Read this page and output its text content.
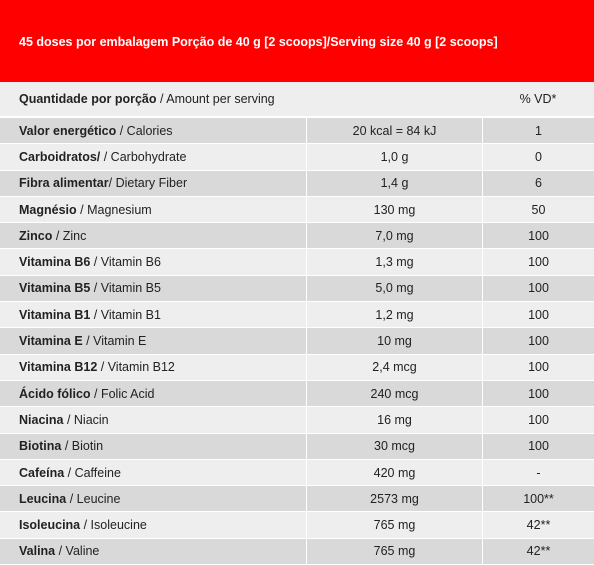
45 doses por embalagem Porção de 40 g [2 scoops]/Serving size 40 g [2 scoops]
Quantidade por porção / Amount per serving	% VD*
Valor energético / Calories	20 kcal = 84 kJ	1
Carboidratos/ / Carbohydrate	1,0 g	0
Fibra alimentar / Dietary Fiber	1,4 g	6
Magnésio / Magnesium	130 mg	50
Zinco / Zinc	7,0 mg	100
Vitamina B6 / Vitamin B6	1,3 mg	100
Vitamina B5 / Vitamin B5	5,0 mg	100
Vitamina B1 / Vitamin B1	1,2 mg	100
Vitamina E / Vitamin E	10 mg	100
Vitamina B12 / Vitamin B12	2,4 mcg	100
Ácido fólico / Folic Acid	240 mcg	100
Niacina / Niacin	16 mg	100
Biotina / Biotin	30 mcg	100
Cafeína / Caffeine	420 mg	-
Leucina / Leucine	2573 mg	100**
Isoleucina / Isoleucine	765 mg	42**
Valina / Valine	765 mg	42**
